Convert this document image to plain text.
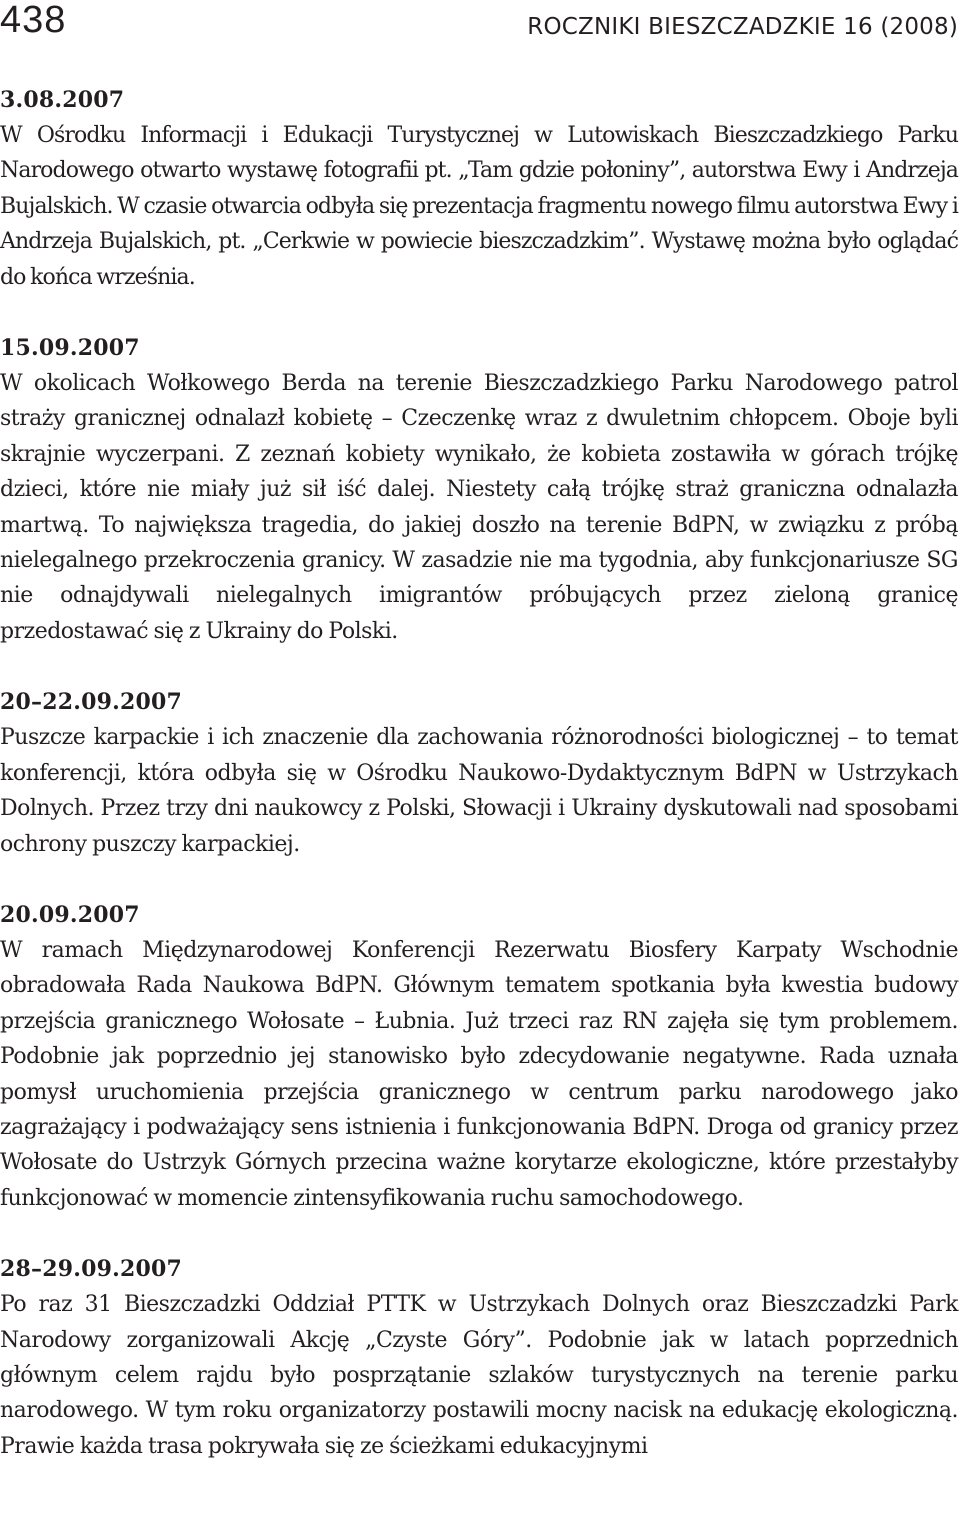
438	ROCZNIKI BIESZCZADZKIE 16 (2008)
3.08.2007

W Ośrodku Informacji i Edukacji Turystycznej w Lutowiskach Bieszczadzkiego Parku Narodowego otwarto wystawę fotografii pt. „Tam gdzie połoniny”, autorstwa Ewy i Andrzeja Bujalskich. W czasie otwarcia odbyła się prezentacja fragmentu nowego filmu autorstwa Ewy i Andrzeja Bujalskich, pt. „Cerkwie w powiecie bieszczadzkim”. Wystawę można było oglądać do końca września.

15.09.2007

W okolicach Wołkowego Berda na terenie Bieszczadzkiego Parku Narodowego patrol straży granicznej odnalazł kobietę – Czeczenkę wraz z dwuletnim chłopcem. Oboje byli skrajnie wyczerpani. Z zeznań kobiety wynikało, że kobieta zostawiła w górach trójkę dzieci, które nie miały już sił iść dalej. Niestety całą trójkę straż graniczna odnalazła martwą. To największa tragedia, do jakiej doszło na terenie BdPN, w związku z próbą nielegalnego przekroczenia granicy. W zasadzie nie ma tygodnia, aby funkcjonariusze SG nie odnajdywali nielegalnych imigrantów próbujących przez zieloną granicę przedostawać się z Ukrainy do Polski.

20–22.09.2007

Puszcze karpackie i ich znaczenie dla zachowania różnorodności biologicznej – to temat konferencji, która odbyła się w Ośrodku Naukowo-Dydaktycznym BdPN w Ustrzykach Dolnych. Przez trzy dni naukowcy z Polski, Słowacji i Ukrainy dyskutowali nad sposobami ochrony puszczy karpackiej.

20.09.2007

W ramach Międzynarodowej Konferencji Rezerwatu Biosfery Karpaty Wschodnie obradowała Rada Naukowa BdPN. Głównym tematem spotkania była kwestia budowy przejścia granicznego Wołosate – Łubnia. Już trzeci raz RN zajęła się tym problemem. Podobnie jak poprzednio jej stanowisko było zdecydowanie negatywne. Rada uznała pomysł uruchomienia przejścia granicznego w centrum parku narodowego jako zagrażający i podważający sens istnienia i funkcjonowania BdPN. Droga od granicy przez Wołosate do Ustrzyk Górnych przecina ważne korytarze ekologiczne, które przestałyby funkcjonować w momencie zintensyfikowania ruchu samochodowego.

28–29.09.2007

Po raz 31 Bieszczadzki Oddział PTTK w Ustrzykach Dolnych oraz Bieszczadzki Park Narodowy zorganizowali Akcję „Czyste Góry”. Podobnie jak w latach poprzednich głównym celem rajdu było posprzątanie szlaków turystycznych na terenie parku narodowego. W tym roku organizatorzy postawili mocny nacisk na edukację ekologiczną. Prawie każda trasa pokrywała się ze ścieżkami edukacyjnymi
